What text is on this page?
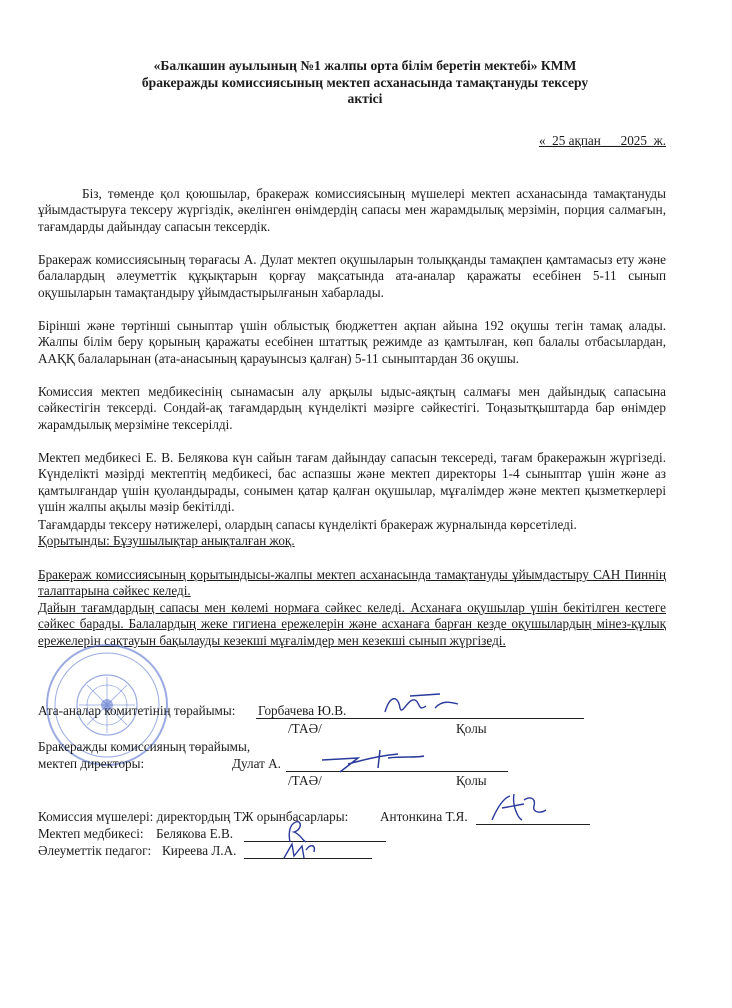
«Балкашин ауылының №1 жалпы орта білім беретін мектебі» КММ
бракеражды комиссиясының мектеп асханасында тамақтануды тексеру
актісі
«_25 ақпан___2025_ж.
Біз, төменде қол қоюшылар, бракераж комиссиясының мүшелері мектеп асханасында тамақтануды ұйымдастыруға тексеру жүргіздік, әкелінген өнімдердің сапасы мен жарамдылық мерзімін, порция салмағын, тағамдарды дайындау сапасын тексердік.
Бракераж комиссиясының төрағасы А. Дулат мектеп оқушыларын толыққанды тамақпен қамтамасыз ету және балалардың әлеуметтік құқықтарын қорғау мақсатында ата-аналар қаражаты есебінен 5-11 сынып оқушыларын тамақтандыру ұйымдастырылғанын хабарлады.
Бірінші және төртінші сыныптар үшін облыстық бюджеттен ақпан айына 192 оқушы тегін тамақ алады. Жалпы білім беру қорының қаражаты есебінен штаттық режимде аз қамтылған, көп балалы отбасылардан, ААҚҚ балаларынан (ата-анасының қарауынсыз қалған) 5-11 сыныптардан 36 оқушы.
Комиссия мектеп медбикесінің сынамасын алу арқылы ыдыс-аяқтың салмағы мен дайындық сапасына сәйкестігін тексерді. Сондай-ақ тағамдардың күнделікті мәзірге сәйкестігі. Тоңазытқыштарда бар өнімдер жарамдылық мерзіміне тексерілді.
Мектеп медбикесі Е. В. Белякова күн сайын тағам дайындау сапасын тексереді, тағам бракеражын жүргізеді. Күнделікті мәзірді мектептің медбикесі, бас аспазшы және мектеп директоры 1-4 сыныптар үшін және аз қамтылғандар үшін қуоландырады, сонымен қатар қалған оқушылар, мұғалімдер және мектеп қызметкерлері үшін жалпы ақылы мәзір бекітілді.
Тағамдарды тексеру нәтижелері, олардың сапасы күнделікті бракераж журналында көрсетіледі.
Қорытынды: Бұзушылықтар анықталған жоқ.
Бракераж комиссиясының қорытындысы-жалпы мектеп асханасында тамақтануды ұйымдастыру САН Пиннің талаптарына сәйкес келеді.
Дайын тағамдардың сапасы мен көлемі нормаға сәйкес келеді. Асханаға оқушылар үшін бекітілген кестеге сәйкес барады. Балалардың жеке гигиена ережелерін және асханаға барған кезде оқушылардың мінез-құлық ережелерін сақтауын бақылауды кезекші мұғалімдер мен кезекші сынып жүргізеді.
Ата-аналар комитетінің төрайымы: Горбачева Ю.В.
/ТАӘ/	Қолы
Бракеражды комиссияның төрайымы,
мектеп директоры:	Дулат А.
/ТАӘ/	Қолы
Комиссия мүшелері: директордың ТЖ орынбасарлары: Антонкина Т.Я.
Мектеп медбикесі: Белякова Е.В.
Әлеуметтік педагог: Киреева Л.А.
